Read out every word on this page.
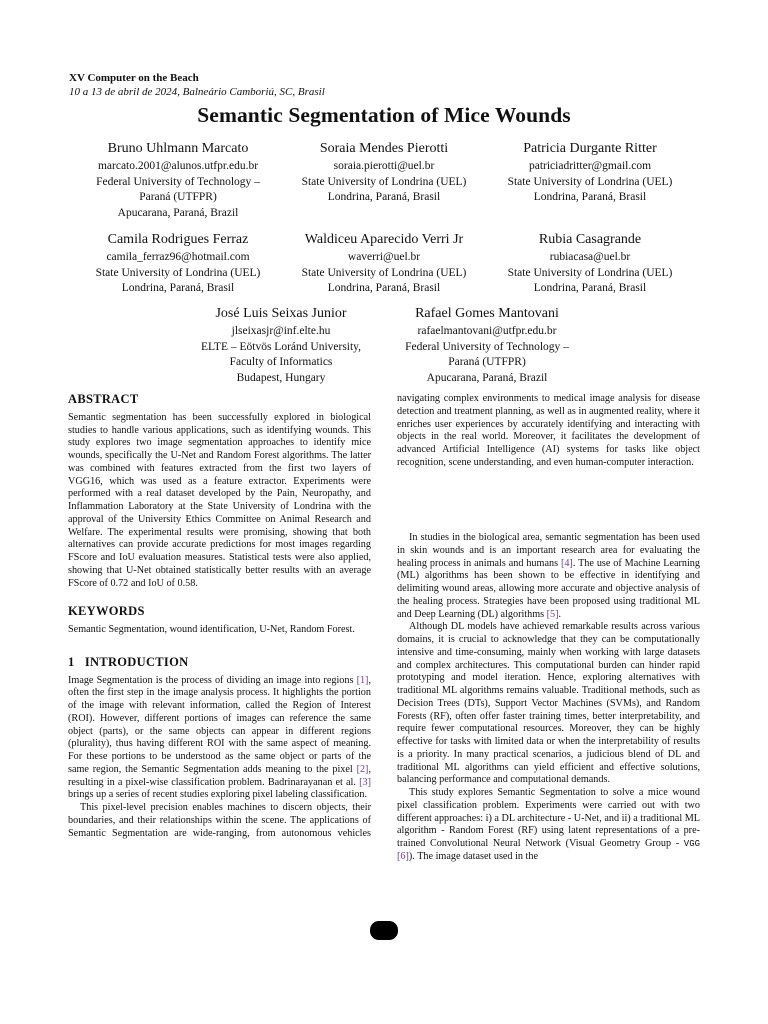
XV Computer on the Beach
10 a 13 de abril de 2024, Balneário Camboriú, SC, Brasil
Semantic Segmentation of Mice Wounds
Bruno Uhlmann Marcato
marcato.2001@alunos.utfpr.edu.br
Federal University of Technology –
Paraná (UTFPR)
Apucarana, Paraná, Brazil
Soraia Mendes Pierotti
soraia.pierotti@uel.br
State University of Londrina (UEL)
Londrina, Paraná, Brasil
Patricia Durgante Ritter
patriciadritter@gmail.com
State University of Londrina (UEL)
Londrina, Paraná, Brasil
Camila Rodrigues Ferraz
camila_ferraz96@hotmail.com
State University of Londrina (UEL)
Londrina, Paraná, Brasil
Waldiceu Aparecido Verri Jr
waverri@uel.br
State University of Londrina (UEL)
Londrina, Paraná, Brasil
Rubia Casagrande
rubiacasa@uel.br
State University of Londrina (UEL)
Londrina, Paraná, Brasil
José Luis Seixas Junior
jlseixasjr@inf.elte.hu
ELTE – Eötvös Loránd University,
Faculty of Informatics
Budapest, Hungary
Rafael Gomes Mantovani
rafaelmantovani@utfpr.edu.br
Federal University of Technology –
Paraná (UTFPR)
Apucarana, Paraná, Brazil
ABSTRACT

Semantic segmentation has been successfully explored in biological studies to handle various applications, such as identifying wounds. This study explores two image segmentation approaches to identify mice wounds, specifically the U-Net and Random Forest algorithms. The latter was combined with features extracted from the first two layers of VGG16, which was used as a feature extractor. Experiments were performed with a real dataset developed by the Pain, Neuropathy, and Inflammation Laboratory at the State University of Londrina with the approval of the University Ethics Committee on Animal Research and Welfare. The experimental results were promising, showing that both alternatives can provide accurate predictions for most images regarding FScore and IoU evaluation measures. Statistical tests were also applied, showing that U-Net obtained statistically better results with an average FScore of 0.72 and IoU of 0.58.

KEYWORDS

Semantic Segmentation, wound identification, U-Net, Random Forest.

1   INTRODUCTION

Image Segmentation is the process of dividing an image into regions [1], often the first step in the image analysis process. It highlights the portion of the image with relevant information, called the Region of Interest (ROI). However, different portions of images can reference the same object (parts), or the same objects can appear in different regions (plurality), thus having different ROI with the same aspect of meaning. For these portions to be understood as the same object or parts of the same region, the Semantic Segmentation adds meaning to the pixel [2], resulting in a pixel-wise classification problem. Badrinarayanan et al. [3] brings up a series of recent studies exploring pixel labeling classification.

This pixel-level precision enables machines to discern objects, their boundaries, and their relationships within the scene. The applications of Semantic Segmentation are wide-ranging, from autonomous vehicles

navigating complex environments to medical image analysis for disease detection and treatment planning, as well as in augmented reality, where it enriches user experiences by accurately identifying and interacting with objects in the real world. Moreover, it facilitates the development of advanced Artificial Intelligence (AI) systems for tasks like object recognition, scene understanding, and even human-computer interaction.

In studies in the biological area, semantic segmentation has been used in skin wounds and is an important research area for evaluating the healing process in animals and humans [4]. The use of Machine Learning (ML) algorithms has been shown to be effective in identifying and delimiting wound areas, allowing more accurate and objective analysis of the healing process. Strategies have been proposed using traditional ML and Deep Learning (DL) algorithms [5].

Although DL models have achieved remarkable results across various domains, it is crucial to acknowledge that they can be computationally intensive and time-consuming, mainly when working with large datasets and complex architectures. This computational burden can hinder rapid prototyping and model iteration. Hence, exploring alternatives with traditional ML algorithms remains valuable. Traditional methods, such as Decision Trees (DTs), Support Vector Machines (SVMs), and Random Forests (RF), often offer faster training times, better interpretability, and require fewer computational resources. Moreover, they can be highly effective for tasks with limited data or when the interpretability of results is a priority. In many practical scenarios, a judicious blend of DL and traditional ML algorithms can yield efficient and effective solutions, balancing performance and computational demands.

This study explores Semantic Segmentation to solve a mice wound pixel classification problem. Experiments were carried out with two different approaches: i) a DL architecture - U-Net, and ii) a traditional ML algorithm - Random Forest (RF) using latent representations of a pre-trained Convolutional Neural Network (Visual Geometry Group - VGG [6]). The image dataset used in the
